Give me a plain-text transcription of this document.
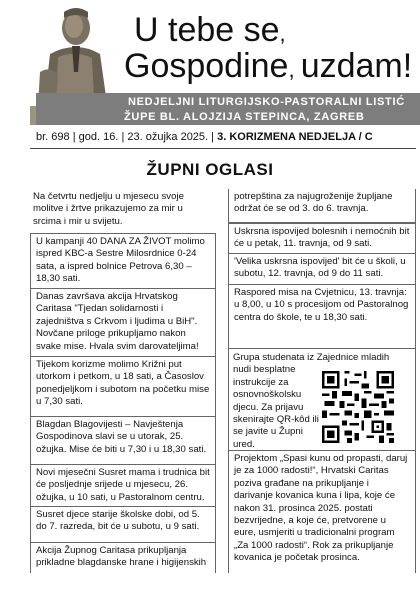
U tebe se,
Gospodine, uzdam!
NEDJELJNI LITURGIJSKO-PASTORALNI LISTIĆ
ŽUPE BL. ALOJZIJA STEPINCA, ZAGREB
br. 698 | god. 16. | 23. ožujka 2025. | 3. KORIZMENA NEDJELJA / C
ŽUPNI OGLASI
Na četvrtu nedjelju u mjesecu svoje molitve i žrtve prikazujemo za mir u srcima i mir u svijetu.
U kampanji 40 DANA ZA ŽIVOT molimo ispred KBC-a Sestre Milosrdnice 0-24 sata, a ispred bolnice Petrova 6,30 – 18,30 sati.
Danas završava akcija Hrvatskog Caritasa "Tjedan solidarnosti i zajedništva s Crkvom i ljudima u BiH". Novčane priloge prikupljamo nakon svake mise. Hvala svim darovateljima!
Tijekom korizme molimo Križni put utorkom i petkom, u 18 sati, a Časoslov ponedjeljkom i subotom na početku mise u 7,30 sati.
Blagdan Blagovijesti – Navještenja Gospodinova slavi se u utorak, 25. ožujka. Mise će biti u 7,30 i u 18,30 sati.
Novi mjesečni Susret mama i trudnica bit će posljednje srijede u mjesecu, 26. ožujka, u 10 sati, u Pastoralnom centru.
Susret djece starije školske dobi, od 5. do 7. razreda, bit će u subotu, u 9 sati.
Akcija Župnog Caritasa prikupljanja prikladne blagdanske hrane i higijenskih
potrepština za najugroženije župljane održat će se od 3. do 6. travnja.
Uskrsna ispovijed bolesnih i nemoćnih bit će u petak, 11. travnja, od 9 sati.
'Velika uskrsna ispovijed' bit će u školi, u subotu, 12. travnja, od 9 do 11 sati.
Raspored misa na Cvjetnicu, 13. travnja: u 8,00, u 10 s procesijom od Pastoralnog centra do škole, te u 18,30 sati.
Grupa studenata iz Zajednice mladih
nudi besplatne instrukcije za osnovnoškolsku djecu. Za prijavu skenirajte QR-kôd ili se javite u Župni ured.
Projektom „Spasi kunu od propasti, daruj je za 1000 radosti!“, Hrvatski Caritas poziva građane na prikupljanje i darivanje kovanica kuna i lipa, koje će nakon 31. prosinca 2025. postati bezvrijedne, a koje će, pretvorene u eure, usmjeriti u tradicionalni program „Za 1000 radosti“. Rok za prikupljanje kovanica je početak prosinca.
